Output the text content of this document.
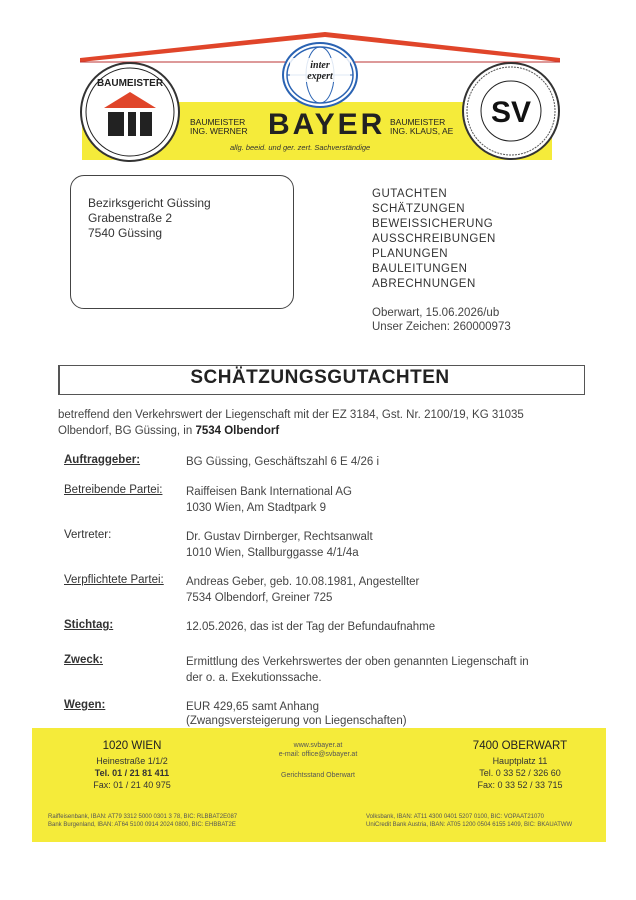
BAUMEISTER
inter
expert
BAUMEISTER
ING. WERNER BAYER BAUMEISTER
ING. KLAUS, AE
allg. beeid. und ger. zert. Sachverständige
SV
Bezirksgericht Güssing
Grabenstraße 2
7540 Güssing
GUTACHTEN
SCHÄTZUNGEN
BEWEISSICHERUNG
AUSSCHREIBUNGEN
PLANUNGEN
BAULEITUNGEN
ABRECHNUNGEN
Oberwart, 15.06.2026/ub
Unser Zeichen: 260000973
SCHÄTZUNGSGUTACHTEN
betreffend den Verkehrswert der Liegenschaft mit der EZ 3184, Gst. Nr. 2100/19, KG 31035
Olbendorf, BG Güssing, in 7534 Olbendorf
Auftraggeber:	BG Güssing, Geschäftszahl 6 E 4/26 i
Betreibende Partei: Raiffeisen Bank International AG
1030 Wien, Am Stadtpark 9
Vertreter:	Dr. Gustav Dirnberger, Rechtsanwalt
1010 Wien, Stallburggasse 4/1/4a
Verpflichtete Partei: Andreas Geber, geb. 10.08.1981, Angestellter
7534 Olbendorf, Greiner 725
Stichtag:	12.05.2026, das ist der Tag der Befundaufnahme
Zweck:	Ermittlung des Verkehrswertes der oben genannten Liegenschaft in
der o. a. Exekutionssache.
Wegen:	EUR 429,65 samt Anhang
(Zwangsversteigerung von Liegenschaften)
1020 WIEN
Heinestraße 1/1/2
Tel. 01 / 21 81 411
Fax: 01 / 21 40 975
www.svbayer.at
e-mail: office@svbayer.at
Gerichtsstand Oberwart
7400 OBERWART
Hauptplatz 11
Tel. 0 33 52 / 326 60
Fax: 0 33 52 / 33 715
Raiffeisenbank, IBAN: AT79 3312 5000 0301 3 78, BIC: RLBBAT2E087
Bank Burgenland, IBAN: AT64 5100 0914 2024 0800, BIC: EHBBAT2E
Volksbank, IBAN: AT11 4300 0401 5207 0100, BIC: VOPAAT21070
UniCredit Bank Austria, IBAN: AT05 1200 0504 6155 1409, BIC: BKAUATWW
